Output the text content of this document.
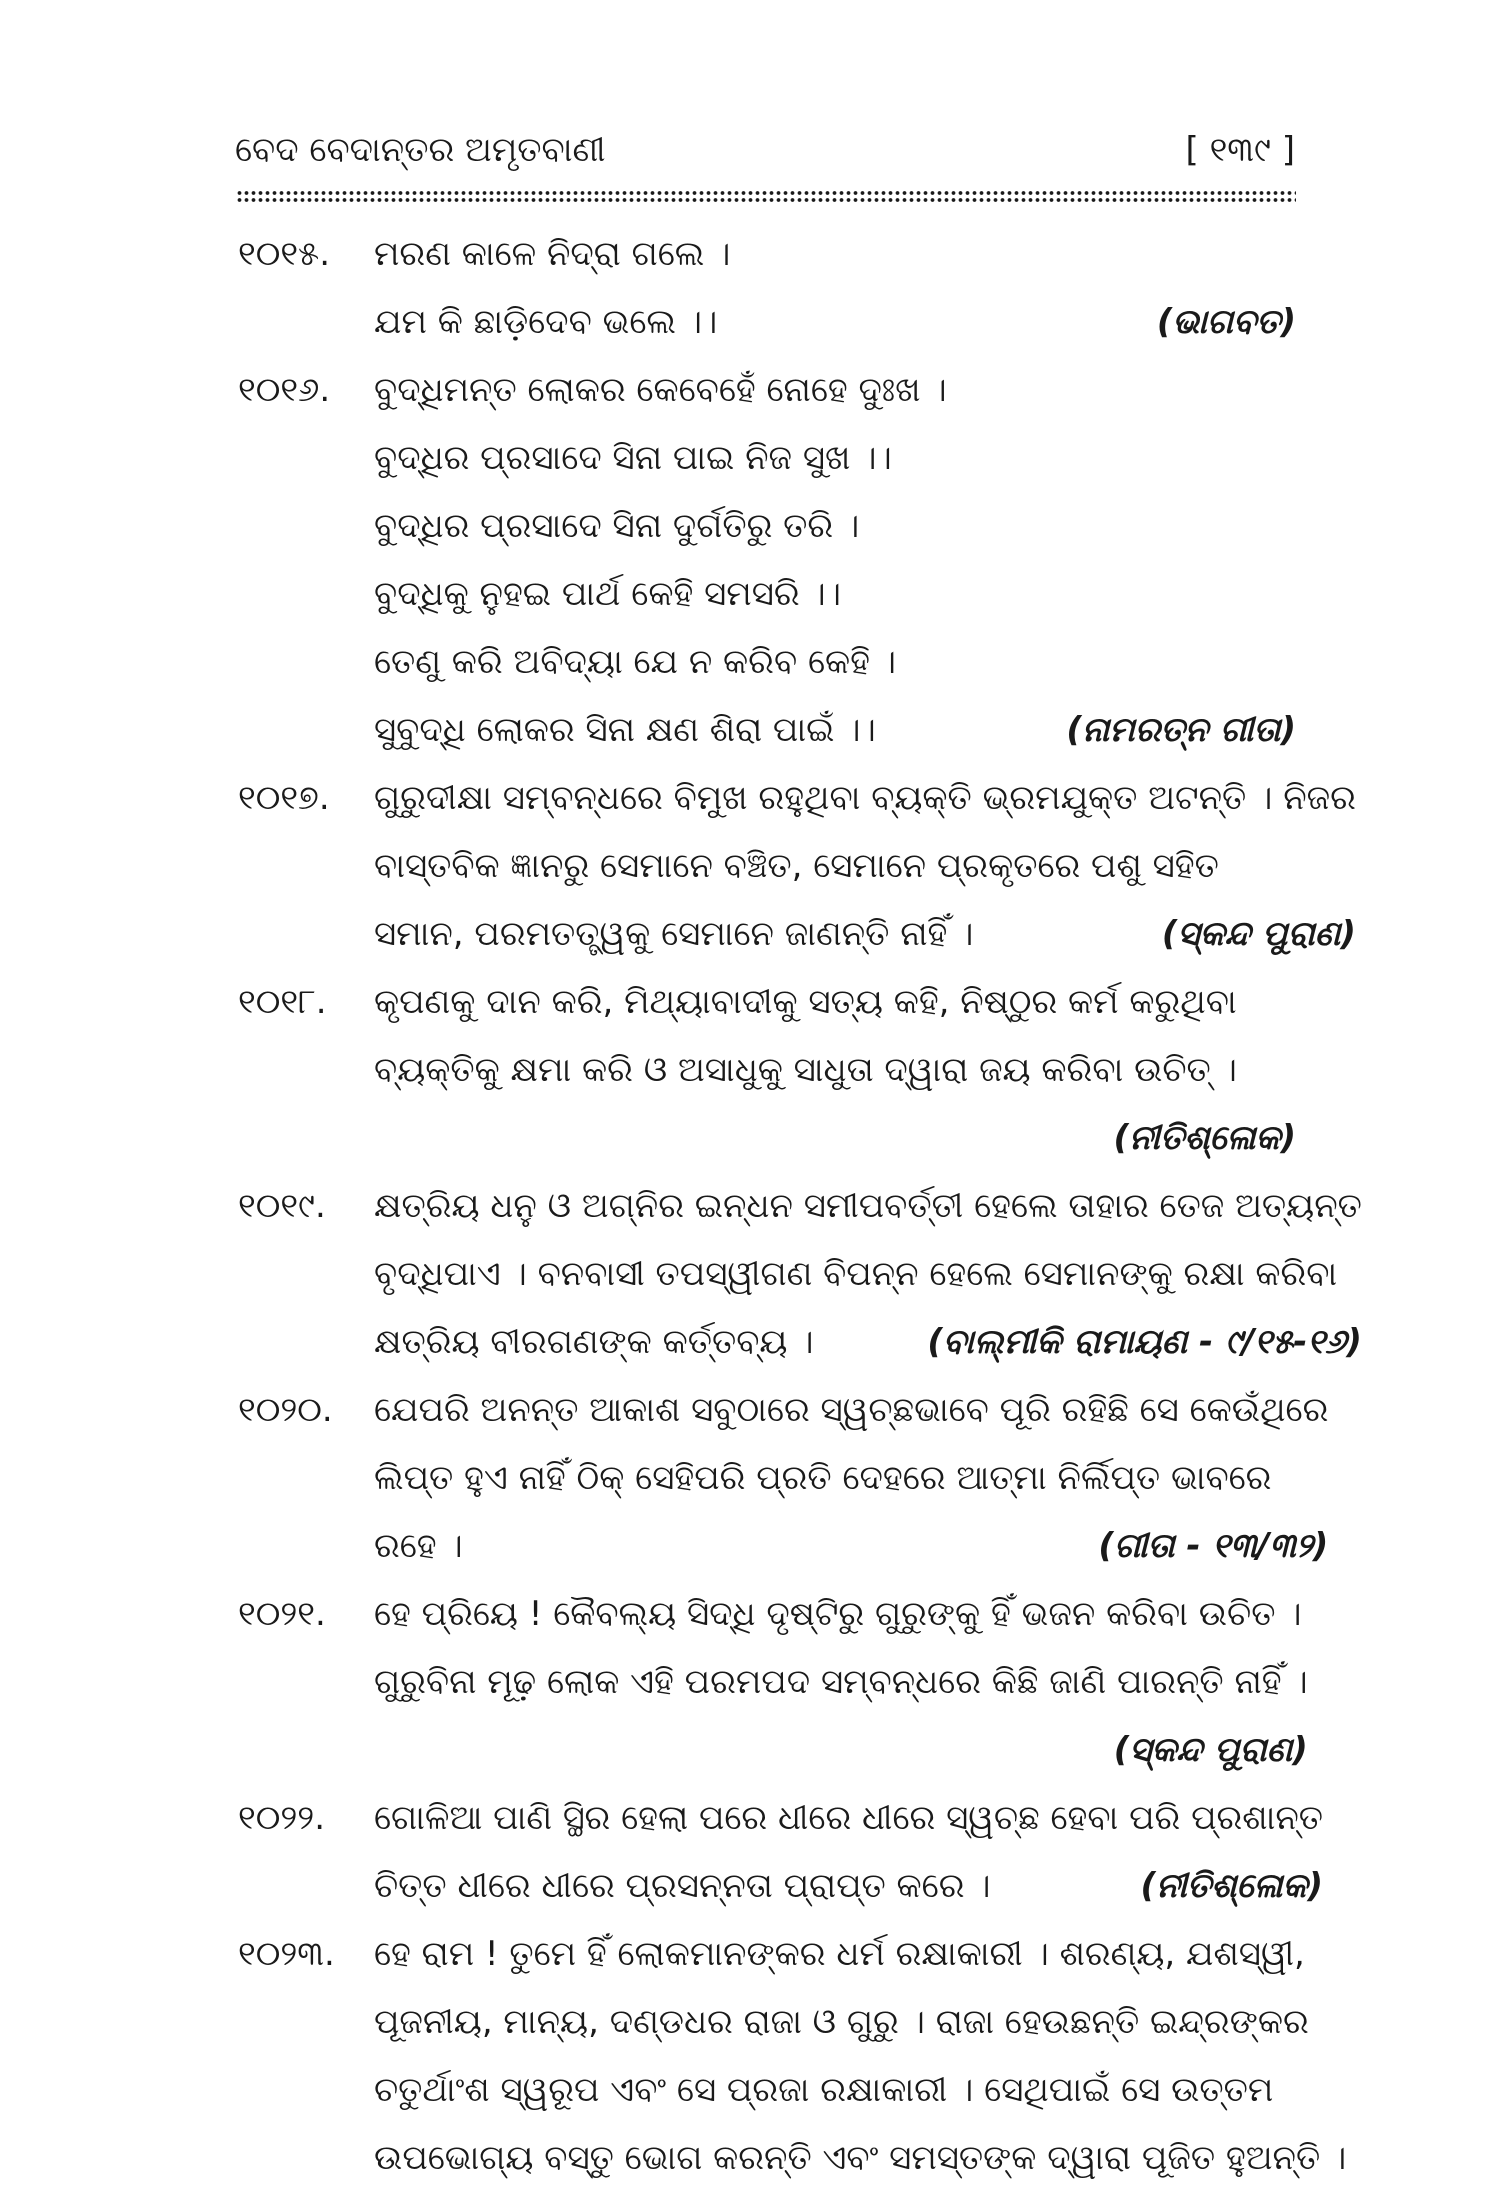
ବେଦ ବେଦାନ୍ତର ଅମୃତବାଣୀ	[ ୧୩୯ ]
୧୦୧୫.	ମରଣ କାଳେ ନିଦ୍ରା ଗଲେ ।
ଯମ କି ଛାଡ଼ିଦେବ ଭଲେ ।।	(ଭାଗବତ)
୧୦୧୬.	ବୁଦ୍ଧିମନ୍ତ ଲୋକର କେବେହେଁ ନୋହେ ଦୁଃଖ ।
ବୁଦ୍ଧିର ପ୍ରସାଦେ ସିନା ପାଇ ନିଜ ସୁଖ ।।
ବୁଦ୍ଧିର ପ୍ରସାଦେ ସିନା ଦୁର୍ଗତିରୁ ତରି ।
ବୁଦ୍ଧିକୁ ନୁହଇ ପାର୍ଥ କେହି ସମସରି ।।
ତେଣୁ କରି ଅବିଦ୍ୟା ଯେ ନ କରିବ କେହି ।
ସୁବୁଦ୍ଧି ଲୋକର ସିନା କ୍ଷଣ ଶିରା ପାଇଁ ।।	(ନାମରତ୍ନ ଗୀତା)
୧୦୧୭.	ଗୁରୁଦୀକ୍ଷା ସମ୍ବନ୍ଧରେ ବିମୁଖ ରହୁଥିବା ବ୍ୟକ୍ତି ଭ୍ରମଯୁକ୍ତ ଅଟନ୍ତି । ନିଜର
ବାସ୍ତବିକ ଜ୍ଞାନରୁ ସେମାନେ ବଞ୍ଚିତ, ସେମାନେ ପ୍ରକୃତରେ ପଶୁ ସହିତ
ସମାନ, ପରମତତ୍ତ୍ୱକୁ ସେମାନେ ଜାଣନ୍ତି ନାହିଁ ।	(ସ୍କନ୍ଦ ପୁରାଣ)
୧୦୧୮.	କୃପଣକୁ ଦାନ କରି, ମିଥ୍ୟାବାଦୀକୁ ସତ୍ୟ କହି, ନିଷ୍ଠୁର କର୍ମ କରୁଥିବା
ବ୍ୟକ୍ତିକୁ କ୍ଷମା କରି ଓ ଅସାଧୁକୁ ସାଧୁତା ଦ୍ୱାରା ଜୟ କରିବା ଉଚିତ୍ ।
(ନୀତିଶ୍ଳୋକ)
୧୦୧୯.	କ୍ଷତ୍ରିୟ ଧନୁ ଓ ଅଗ୍ନିର ଇନ୍ଧନ ସମୀପବର୍ତ୍ତୀ ହେଲେ ତାହାର ତେଜ ଅତ୍ୟନ୍ତ
ବୃଦ୍ଧିପାଏ । ବନବାସୀ ତପସ୍ୱୀଗଣ ବିପନ୍ନ ହେଲେ ସେମାନଙ୍କୁ ରକ୍ଷା କରିବା
କ୍ଷତ୍ରିୟ ବୀରଗଣଙ୍କ କର୍ତ୍ତବ୍ୟ ।	(ବାଲ୍ମୀକି ରାମାୟଣ - ୯/୧୫-୧୬)
୧୦୨୦.	ଯେପରି ଅନନ୍ତ ଆକାଶ ସବୁଠାରେ ସ୍ୱଚ୍ଛଭାବେ ପୂରି ରହିଛି ସେ କେଉଁଥିରେ
ଲିପ୍ତ ହୁଏ ନାହିଁ ଠିକ୍ ସେହିପରି ପ୍ରତି ଦେହରେ ଆତ୍ମା ନିର୍ଲିପ୍ତ ଭାବରେ
ରହେ ।	(ଗୀତା - ୧୩/୩୨)
୧୦୨୧.	ହେ ପ୍ରିୟେ ! କୈବଲ୍ୟ ସିଦ୍ଧି ଦୃଷ୍ଟିରୁ ଗୁରୁଙ୍କୁ ହିଁ ଭଜନ କରିବା ଉଚିତ ।
ଗୁରୁବିନା ମୂଢ଼ ଲୋକ ଏହି ପରମପଦ ସମ୍ବନ୍ଧରେ କିଛି ଜାଣି ପାରନ୍ତି ନାହିଁ ।
(ସ୍କନ୍ଦ ପୁରାଣ)
୧୦୨୨.	ଗୋଳିଆ ପାଣି ସ୍ଥିର ହେଲା ପରେ ଧୀରେ ଧୀରେ ସ୍ୱଚ୍ଛ ହେବା ପରି ପ୍ରଶାନ୍ତ
ଚିତ୍ତ ଧୀରେ ଧୀରେ ପ୍ରସନ୍ନତା ପ୍ରାପ୍ତ କରେ ।	(ନୀତିଶ୍ଳୋକ)
୧୦୨୩.	ହେ ରାମ ! ତୁମେ ହିଁ ଲୋକମାନଙ୍କର ଧର୍ମ ରକ୍ଷାକାରୀ । ଶରଣ୍ୟ, ଯଶସ୍ୱୀ,
ପୂଜନୀୟ, ମାନ୍ୟ, ଦଣ୍ଡଧର ରାଜା ଓ ଗୁରୁ । ରାଜା ହେଉଛନ୍ତି ଇନ୍ଦ୍ରଙ୍କର
ଚତୁର୍ଥାଂଶ ସ୍ୱରୂପ ଏବଂ ସେ ପ୍ରଜା ରକ୍ଷାକାରୀ । ସେଥିପାଇଁ ସେ ଉତ୍ତମ
ଉପଭୋଗ୍ୟ ବସ୍ତୁ ଭୋଗ କରନ୍ତି ଏବଂ ସମସ୍ତଙ୍କ ଦ୍ୱାରା ପୂଜିତ ହୁଅନ୍ତି ।
